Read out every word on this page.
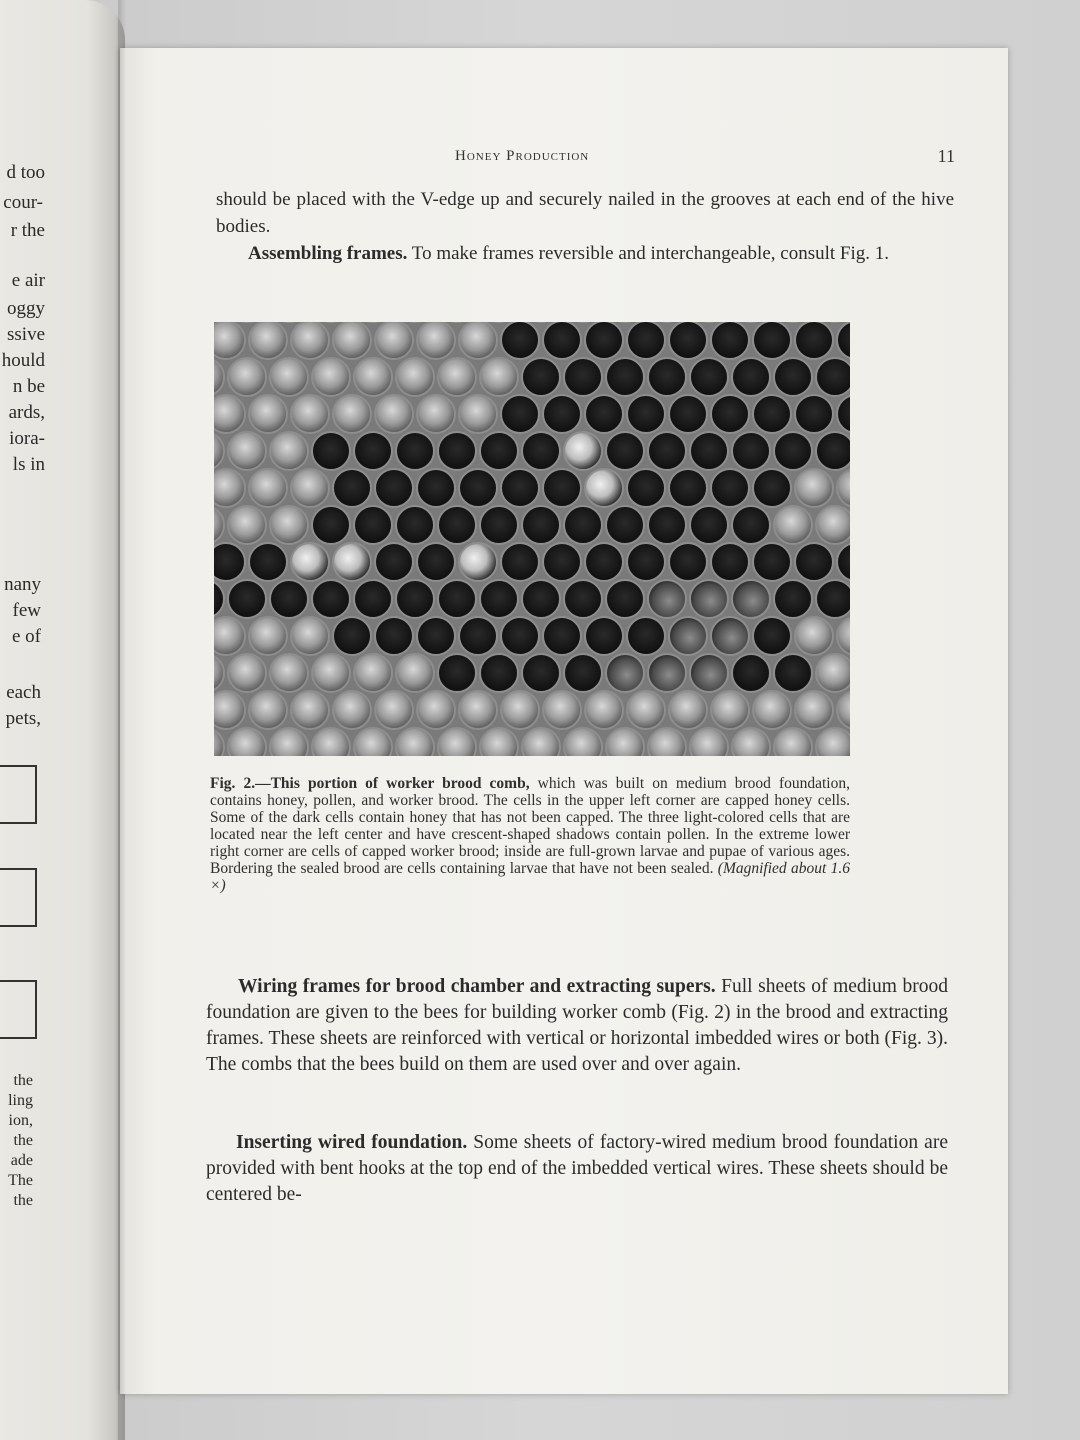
d too
cour-
r the
e air
oggy
ssive
hould
n be
ards,
iora-
ls in
nany
few
e of
each
pets,
the
ling
ion,
the
ade
The
the
Honey Production	11
should be placed with the V-edge up and securely nailed in the grooves at each end of the hive bodies.
Assembling frames. To make frames reversible and interchangeable, consult Fig. 1.
Fig. 2.—This portion of worker brood comb, which was built on medium brood foundation, contains honey, pollen, and worker brood. The cells in the upper left corner are capped honey cells. Some of the dark cells contain honey that has not been capped. The three light-colored cells that are located near the left center and have crescent-shaped shadows contain pollen. In the extreme lower right corner are cells of capped worker brood; inside are full-grown larvae and pupae of various ages. Bordering the sealed brood are cells containing larvae that have not been sealed. (Magnified about 1.6 ×)
Wiring frames for brood chamber and extracting supers. Full sheets of medium brood foundation are given to the bees for building worker comb (Fig. 2) in the brood and extracting frames. These sheets are reinforced with vertical or horizontal imbedded wires or both (Fig. 3). The combs that the bees build on them are used over and over again.
Inserting wired foundation. Some sheets of factory-wired medium brood foundation are provided with bent hooks at the top end of the imbedded vertical wires. These sheets should be centered be-
